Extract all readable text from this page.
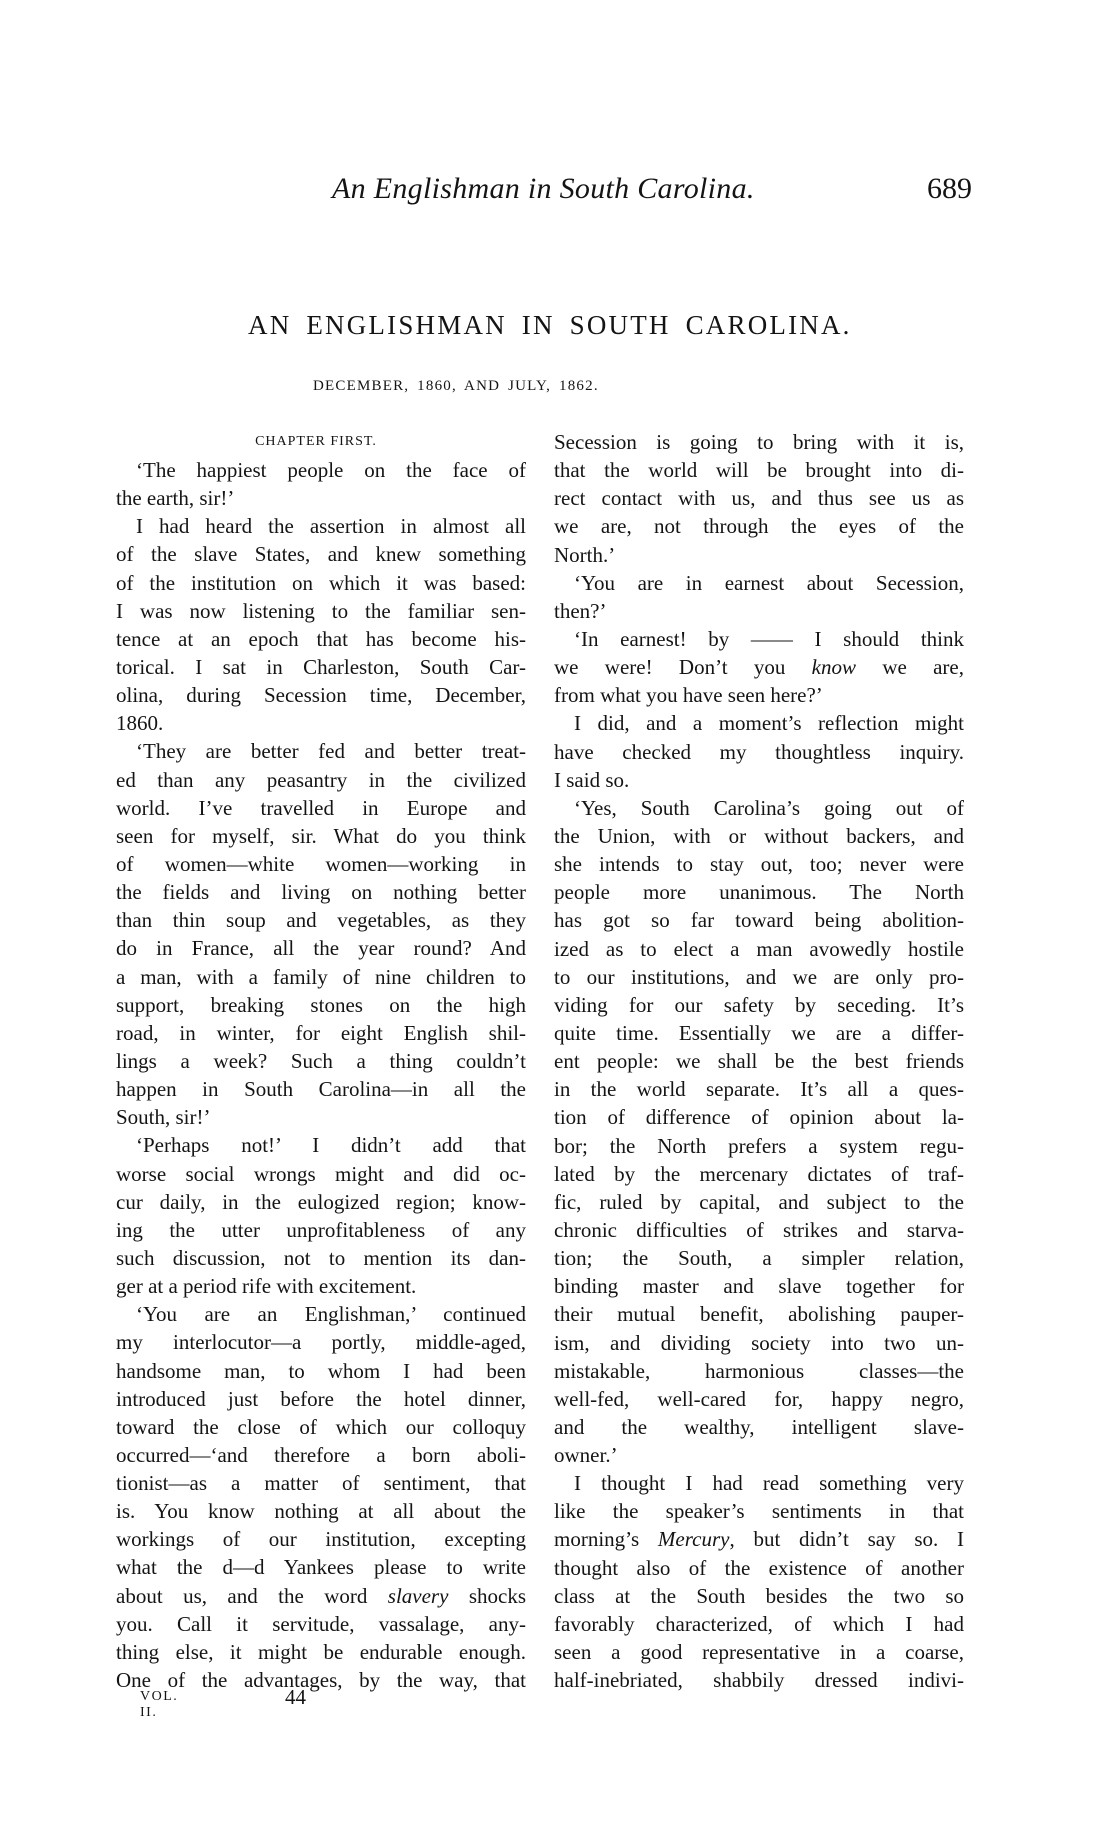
An Englishman in South Carolina.	689
AN ENGLISHMAN IN SOUTH CAROLINA.
DECEMBER, 1860, AND JULY, 1862.
CHAPTER FIRST.
‘The happiest people on the face of
the earth, sir!’
I had heard the assertion in almost all
of the slave States, and knew something
of the institution on which it was based:
I was now listening to the familiar sen-
tence at an epoch that has become his-
torical. I sat in Charleston, South Car-
olina, during Secession time, December,
1860.
‘They are better fed and better treat-
ed than any peasantry in the civilized
world. I’ve travelled in Europe and
seen for myself, sir. What do you think
of women—white women—working in
the fields and living on nothing better
than thin soup and vegetables, as they
do in France, all the year round? And
a man, with a family of nine children to
support, breaking stones on the high
road, in winter, for eight English shil-
lings a week? Such a thing couldn’t
happen in South Carolina—in all the
South, sir!’
‘Perhaps not!’ I didn’t add that
worse social wrongs might and did oc-
cur daily, in the eulogized region; know-
ing the utter unprofitableness of any
such discussion, not to mention its dan-
ger at a period rife with excitement.
‘You are an Englishman,’ continued
my interlocutor—a portly, middle-aged,
handsome man, to whom I had been
introduced just before the hotel dinner,
toward the close of which our colloquy
occurred—‘and therefore a born aboli-
tionist—as a matter of sentiment, that
is. You know nothing at all about the
workings of our institution, excepting
what the d—d Yankees please to write
about us, and the word slavery shocks
you. Call it servitude, vassalage, any-
thing else, it might be endurable enough.
One of the advantages, by the way, that
Secession is going to bring with it is,
that the world will be brought into di-
rect contact with us, and thus see us as
we are, not through the eyes of the
North.’
‘You are in earnest about Secession,
then?’
‘In earnest! by —— I should think
we were! Don’t you know we are,
from what you have seen here?’
I did, and a moment’s reflection might
have checked my thoughtless inquiry.
I said so.
‘Yes, South Carolina’s going out of
the Union, with or without backers, and
she intends to stay out, too; never were
people more unanimous. The North
has got so far toward being abolition-
ized as to elect a man avowedly hostile
to our institutions, and we are only pro-
viding for our safety by seceding. It’s
quite time. Essentially we are a differ-
ent people: we shall be the best friends
in the world separate. It’s all a ques-
tion of difference of opinion about la-
bor; the North prefers a system regu-
lated by the mercenary dictates of traf-
fic, ruled by capital, and subject to the
chronic difficulties of strikes and starva-
tion; the South, a simpler relation,
binding master and slave together for
their mutual benefit, abolishing pauper-
ism, and dividing society into two un-
mistakable, harmonious classes—the
well-fed, well-cared for, happy negro,
and the wealthy, intelligent slave-
owner.’
I thought I had read something very
like the speaker’s sentiments in that
morning’s Mercury, but didn’t say so. I
thought also of the existence of another
class at the South besides the two so
favorably characterized, of which I had
seen a good representative in a coarse,
half-inebriated, shabbily dressed indivi-
VOL. II.
44
